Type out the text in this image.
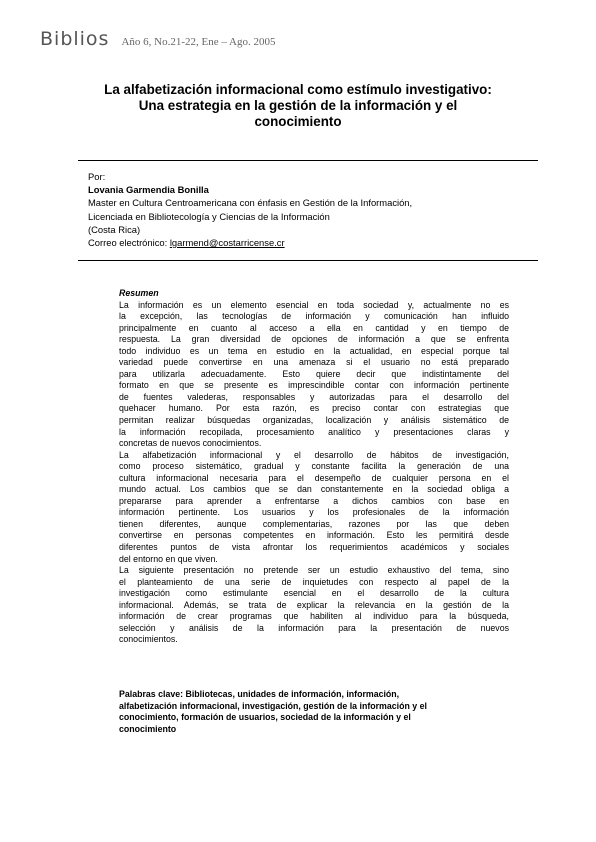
Biblios Año 6, No.21-22, Ene – Ago. 2005
La alfabetización informacional como estímulo investigativo:
Una estrategia en la gestión de la información y el
conocimiento
Por:
Lovania Garmendia Bonilla
Master en Cultura Centroamericana con énfasis en Gestión de la Información,
Licenciada en Bibliotecología y Ciencias de la Información
(Costa Rica)
Correo electrónico: lgarmend@costarricense.cr
Resumen
La información es un elemento esencial en toda sociedad y, actualmente no es
la excepción, las tecnologías de información y comunicación han influido
principalmente en cuanto al acceso a ella en cantidad y en tiempo de
respuesta. La gran diversidad de opciones de información a que se enfrenta
todo individuo es un tema en estudio en la actualidad, en especial porque tal
variedad puede convertirse en una amenaza si el usuario no está preparado
para utilizarla adecuadamente. Esto quiere decir que indistintamente del
formato en que se presente es imprescindible contar con información pertinente
de fuentes valederas, responsables y autorizadas para el desarrollo del
quehacer humano. Por esta razón, es preciso contar con estrategias que
permitan realizar búsquedas organizadas, localización y análisis sistemático de
la información recopilada, procesamiento analítico y presentaciones claras y
concretas de nuevos conocimientos.
La alfabetización informacional y el desarrollo de hábitos de investigación,
como proceso sistemático, gradual y constante facilita la generación de una
cultura informacional necesaria para el desempeño de cualquier persona en el
mundo actual. Los cambios que se dan constantemente en la sociedad obliga a
prepararse para aprender a enfrentarse a dichos cambios con base en
información pertinente. Los usuarios y los profesionales de la información
tienen diferentes, aunque complementarias, razones por las que deben
convertirse en personas competentes en información. Esto les permitirá desde
diferentes puntos de vista afrontar los requerimientos académicos y sociales
del entorno en que viven.
La siguiente presentación no pretende ser un estudio exhaustivo del tema, sino
el planteamiento de una serie de inquietudes con respecto al papel de la
investigación como estimulante esencial en el desarrollo de la cultura
informacional. Además, se trata de explicar la relevancia en la gestión de la
información de crear programas que habiliten al individuo para la búsqueda,
selección y análisis de la información para la presentación de nuevos
conocimientos.
Palabras clave: Bibliotecas, unidades de información, información,
alfabetización informacional, investigación, gestión de la información y el
conocimiento, formación de usuarios, sociedad de la información y el
conocimiento
